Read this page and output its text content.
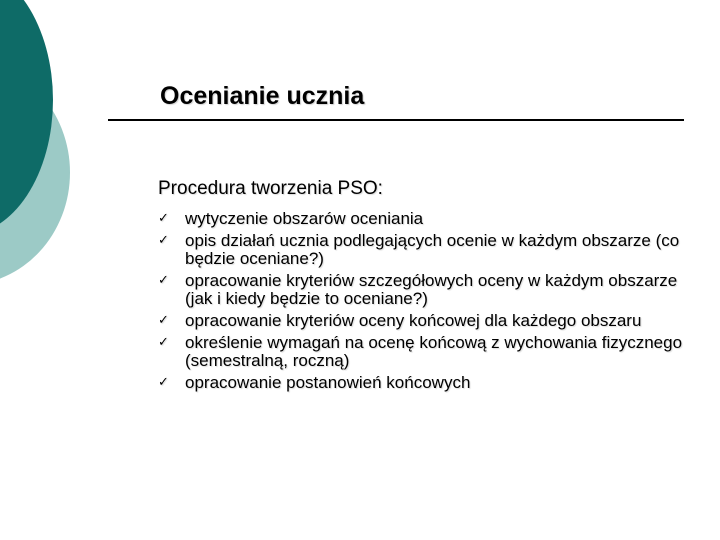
Ocenianie ucznia
Procedura tworzenia PSO:
✓ wytyczenie obszarów oceniania
✓ opis działań ucznia podlegających ocenie w każdym obszarze (co będzie oceniane?)
✓ opracowanie kryteriów szczegółowych oceny w każdym obszarze (jak i kiedy będzie to oceniane?)
✓ opracowanie kryteriów oceny końcowej dla każdego obszaru
✓ określenie wymagań na ocenę końcową z wychowania fizycznego (semestralną, roczną)
✓ opracowanie postanowień końcowych
